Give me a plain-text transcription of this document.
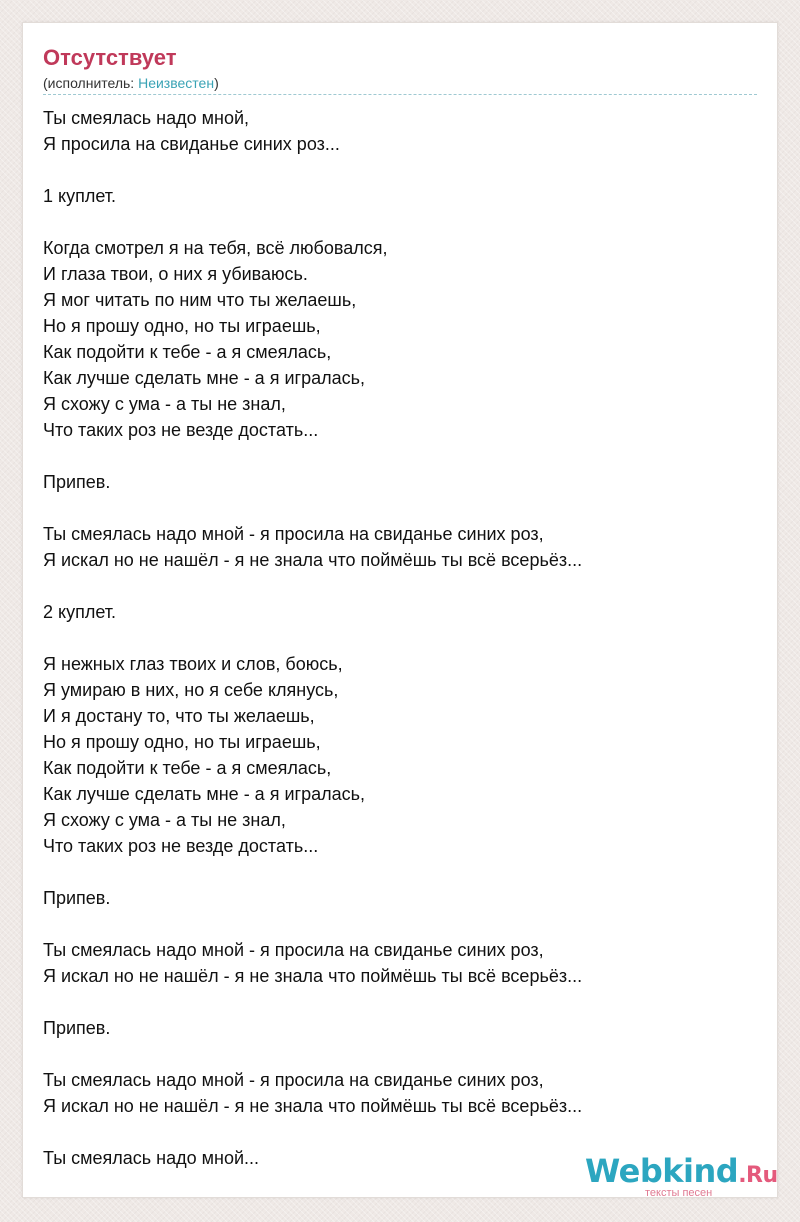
Отсутствует
(исполнитель: Неизвестен)
Ты смеялась надо мной,
Я просила на свиданье синих роз...
1 куплет.
Когда смотрел я на тебя, всё любовался,
И глаза твои, о них я убиваюсь.
Я мог читать по ним что ты желаешь,
Но я прошу одно, но ты играешь,
Как подойти к тебе - а я смеялась,
Как лучше сделать мне - а я игралась,
Я схожу с ума - а ты не знал,
Что таких роз не везде достать...
Припев.
Ты смеялась надо мной - я просила на свиданье синих роз,
Я искал но не нашёл - я не знала что поймёшь ты всё всерьёз...
2 куплет.
Я нежных глаз твоих и слов, боюсь,
Я умираю в них, но я себе клянусь,
И я достану то, что ты желаешь,
Но я прошу одно, но ты играешь,
Как подойти к тебе - а я смеялась,
Как лучше сделать мне - а я игралась,
Я схожу с ума - а ты не знал,
Что таких роз не везде достать...
Припев.
Ты смеялась надо мной - я просила на свиданье синих роз,
Я искал но не нашёл - я не знала что поймёшь ты всё всерьёз...
Припев.
Ты смеялась надо мной - я просила на свиданье синих роз,
Я искал но не нашёл - я не знала что поймёшь ты всё всерьёз...
Ты смеялась надо мной...	Webkind.Ru
тексты песен
